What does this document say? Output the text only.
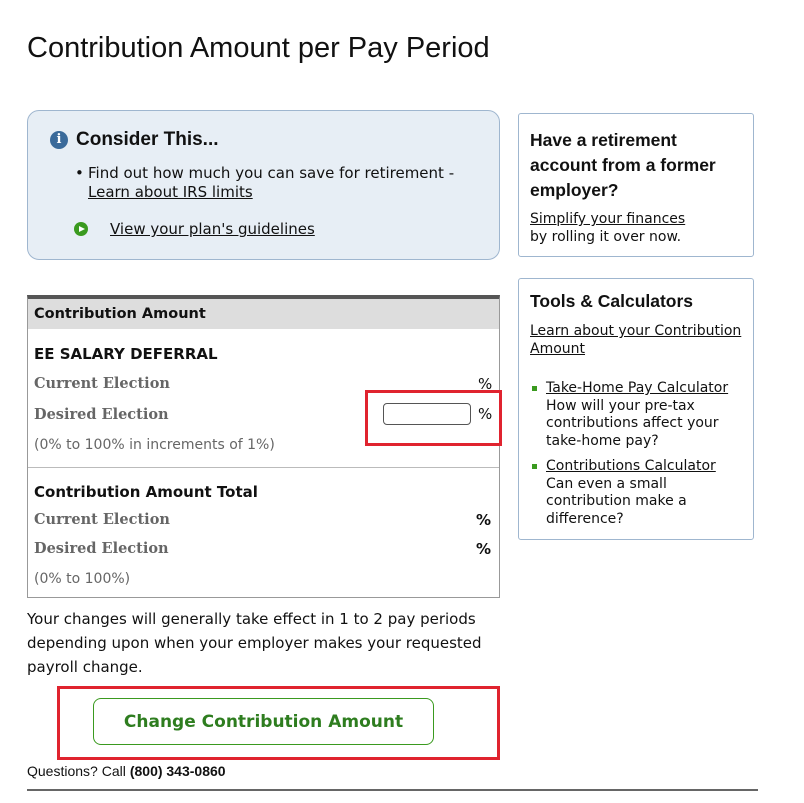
Contribution Amount per Pay Period
i Consider This...
• Find out how much you can save for retirement -
Learn about IRS limits
View your plan's guidelines
Have a retirement account from a former employer?
Simplify your finances
by rolling it over now.
Tools & Calculators
Learn about your Contribution Amount
Take-Home Pay Calculator
How will your pre-tax contributions affect your take-home pay?
Contributions Calculator
Can even a small contribution make a difference?
Contribution Amount
EE SALARY DEFERRAL
Current Election	%
Desired Election	%
(0% to 100% in increments of 1%)
Contribution Amount Total
Current Election	%
Desired Election	%
(0% to 100%)
Your changes will generally take effect in 1 to 2 pay periods depending upon when your employer makes your requested payroll change.
Change Contribution Amount
Questions? Call (800) 343-0860
